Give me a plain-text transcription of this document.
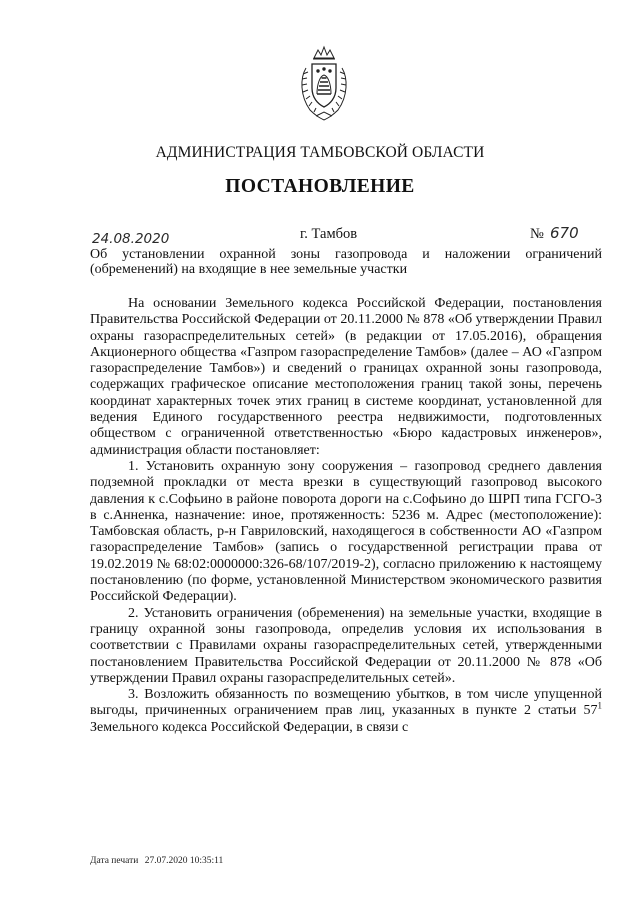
АДМИНИСТРАЦИЯ ТАМБОВСКОЙ ОБЛАСТИ
ПОСТАНОВЛЕНИЕ
24.08.2020	г. Тамбов	№ 670
Об установлении охранной зоны газопровода и наложении ограничений (обременений) на входящие в нее земельные участки

На основании Земельного кодекса Российской Федерации, постановления Правительства Российской Федерации от 20.11.2000 № 878 «Об утверждении Правил охраны газораспределительных сетей» (в редакции от 17.05.2016), обращения Акционерного общества «Газпром газораспределение Тамбов» (далее – АО «Газпром газораспределение Тамбов») и сведений о границах охранной зоны газопровода, содержащих графическое описание местоположения границ такой зоны, перечень координат характерных точек этих границ в системе координат, установленной для ведения Единого государственного реестра недвижимости, подготовленных обществом с ограниченной ответственностью «Бюро кадастровых инженеров», администрация области постановляет:

1. Установить охранную зону сооружения – газопровод среднего давления подземной прокладки от места врезки в существующий газопровод высокого давления к с.Софьино в районе поворота дороги на с.Софьино до ШРП типа ГСГО-3 в с.Анненка, назначение: иное, протяженность: 5236 м. Адрес (местоположение): Тамбовская область, р-н Гавриловский, находящегося в собственности АО «Газпром газораспределение Тамбов» (запись о государственной регистрации права от 19.02.2019 № 68:02:0000000:326-68/107/2019-2), согласно приложению к настоящему постановлению (по форме, установленной Министерством экономического развития Российской Федерации).

2. Установить ограничения (обременения) на земельные участки, входящие в границу охранной зоны газопровода, определив условия их использования в соответствии с Правилами охраны газораспределительных сетей, утвержденными постановлением Правительства Российской Федерации от 20.11.2000 № 878 «Об утверждении Правил охраны газораспределительных сетей».

3. Возложить обязанность по возмещению убытков, в том числе упущенной выгоды, причиненных ограничением прав лиц, указанных в пункте 2 статьи $57^1$ Земельного кодекса Российской Федерации, в связи с

Дата печати 27.07.2020 10:35:11
